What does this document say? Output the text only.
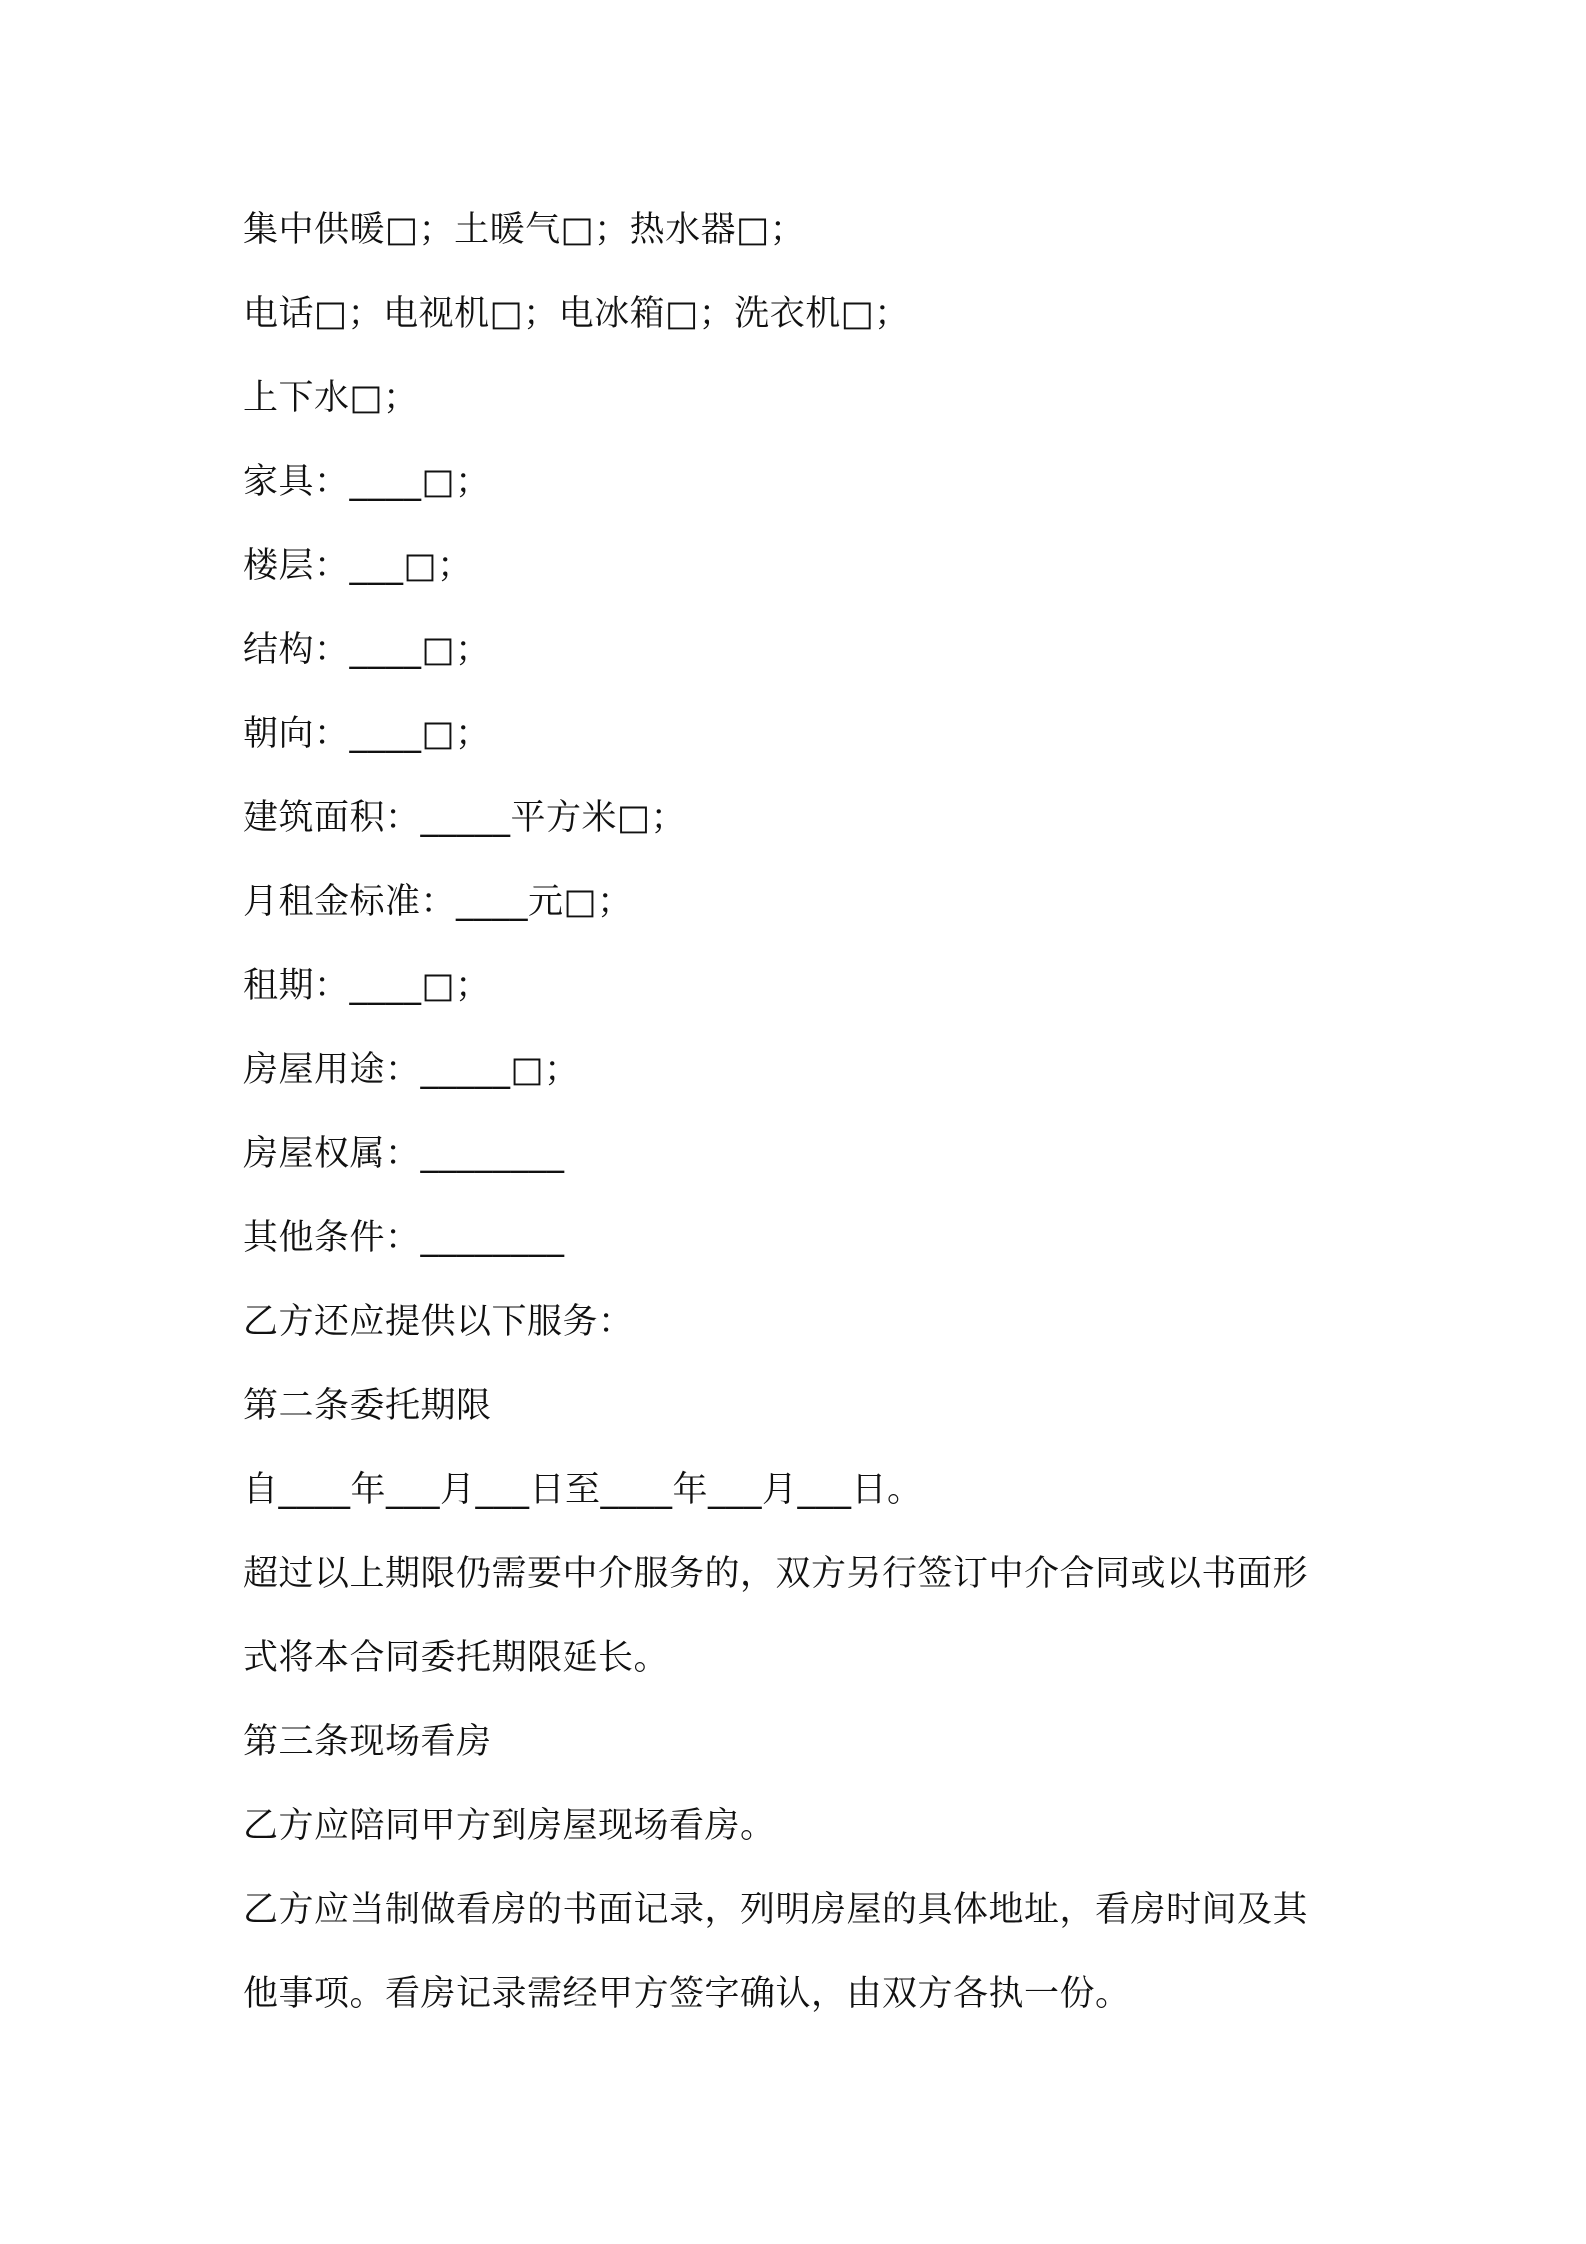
集中供暖□；土暖气□；热水器□；
电话□；电视机□；电冰箱□；洗衣机□；
上下水□；
家具：____□；
楼层：___□；
结构：____□；
朝向：____□；
建筑面积：_____平方米□；
月租金标准：____元□；
租期：____□；
房屋用途：_____□；
房屋权属：________
其他条件：________
乙方还应提供以下服务：
第二条委托期限
自____年___月___日至____年___月___日。
超过以上期限仍需要中介服务的，双方另行签订中介合同或以书面形
式将本合同委托期限延长。
第三条现场看房
乙方应陪同甲方到房屋现场看房。
乙方应当制做看房的书面记录，列明房屋的具体地址，看房时间及其
他事项。看房记录需经甲方签字确认，由双方各执一份。
